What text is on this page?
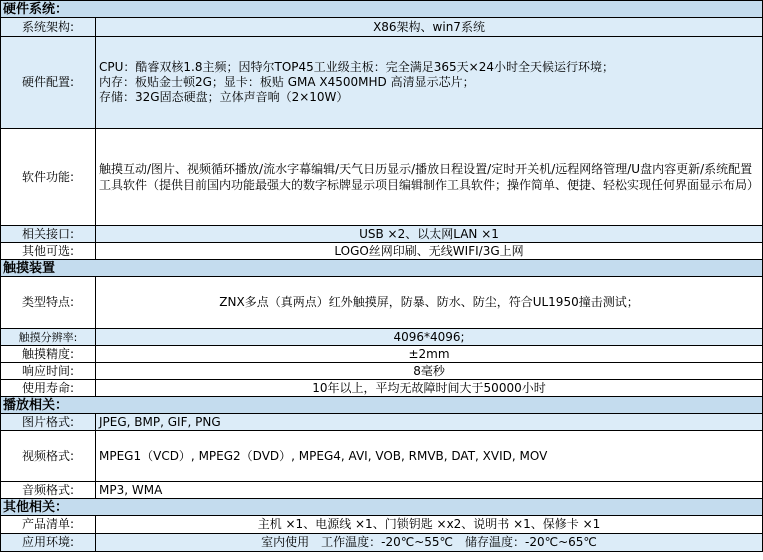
硬件系统：	
系统架构:	X86架构、win7系统
硬件配置:	CPU：酷睿双核1.8主频；因特尔TOP45工业级主板：完全满足365天×24小时全天候运行环境；
内存：板贴金士顿2G；显卡：板贴 GMA X4500MHD 高清显示芯片；
存储：32G固态硬盘；立体声音响（2×10W）

软件功能:	触摸互动/图片、视频循环播放/流水字幕编辑/天气日历显示/播放日程设置/定时开关机/远程网络管理/U盘内容更新/系统配置工具软件（提供目前国内功能最强大的数字标牌显示项目编辑制作工具软件；操作简单、便捷、轻松实现任何界面显示布局）
相关接口:	USB ×2、以太网LAN ×1
其他可选:	LOGO丝网印刷、无线WIFI/3G上网
触摸装置	
类型特点:	ZNX多点（真两点）红外触摸屏，防暴、防水、防尘，符合UL1950撞击测试；
触摸分辨率:	4096*4096;
触摸精度:	±2mm
响应时间:	8毫秒
使用寿命:	10年以上，平均无故障时间大于50000小时
播放相关：	
图片格式:	JPEG, BMP, GIF, PNG
视频格式:	MPEG1（VCD）, MPEG2（DVD）, MPEG4, AVI, VOB, RMVB, DAT, XVID, MOV
音频格式:	MP3, WMA
其他相关：	
产品清单:	主机 ×1、电源线 ×1、门锁钥匙 ×x2、说明书 ×1、保修卡 ×1
应用环境:	室内使用　工作温度：-20℃~55℃　储存温度：-20℃~65℃
